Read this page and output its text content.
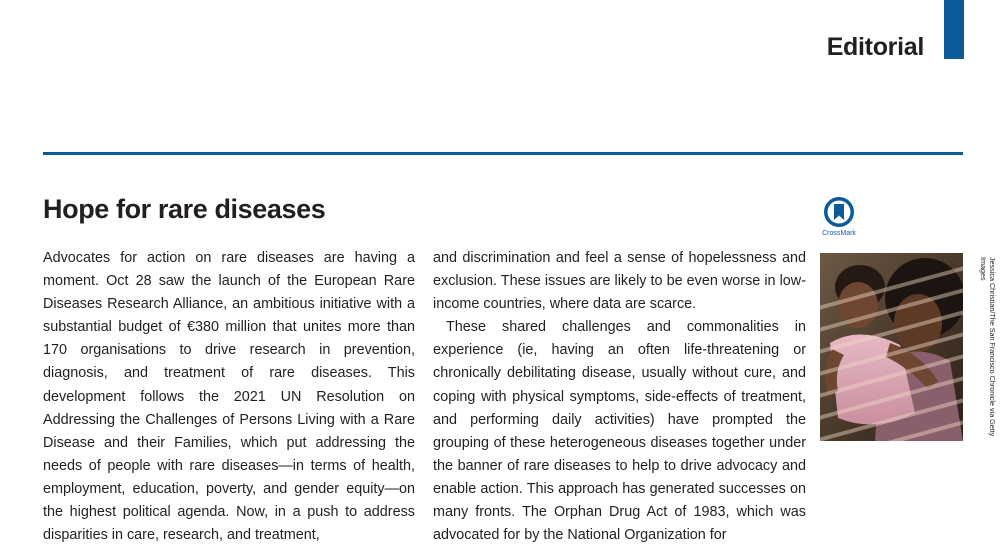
Editorial
Hope for rare diseases

Advocates for action on rare diseases are having a moment. Oct 28 saw the launch of the European Rare Diseases Research Alliance, an ambitious initiative with a substantial budget of €380 million that unites more than 170 organisations to drive research in prevention, diagnosis, and treatment of rare diseases. This development follows the 2021 UN Resolution on Addressing the Challenges of Persons Living with a Rare Disease and their Families, which put addressing the needs of people with rare diseases—in terms of health, employment, education, poverty, and gender equity—on the highest political agenda. Now, in a push to address disparities in care, research, and treatment,

and discrimination and feel a sense of hopelessness and exclusion. These issues are likely to be even worse in low-income countries, where data are scarce.

These shared challenges and commonalities in experience (ie, having an often life-threatening or chronically debilitating disease, usually without cure, and coping with physical symptoms, side-effects of treatment, and performing daily activities) have prompted the grouping of these heterogeneous diseases together under the banner of rare diseases to help to drive advocacy and enable action. This approach has generated successes on many fronts. The Orphan Drug Act of 1983, which was advocated for by the National Organization for

CrossMark
Jessica Christian/The San Francisco Chronicle via Getty Images
